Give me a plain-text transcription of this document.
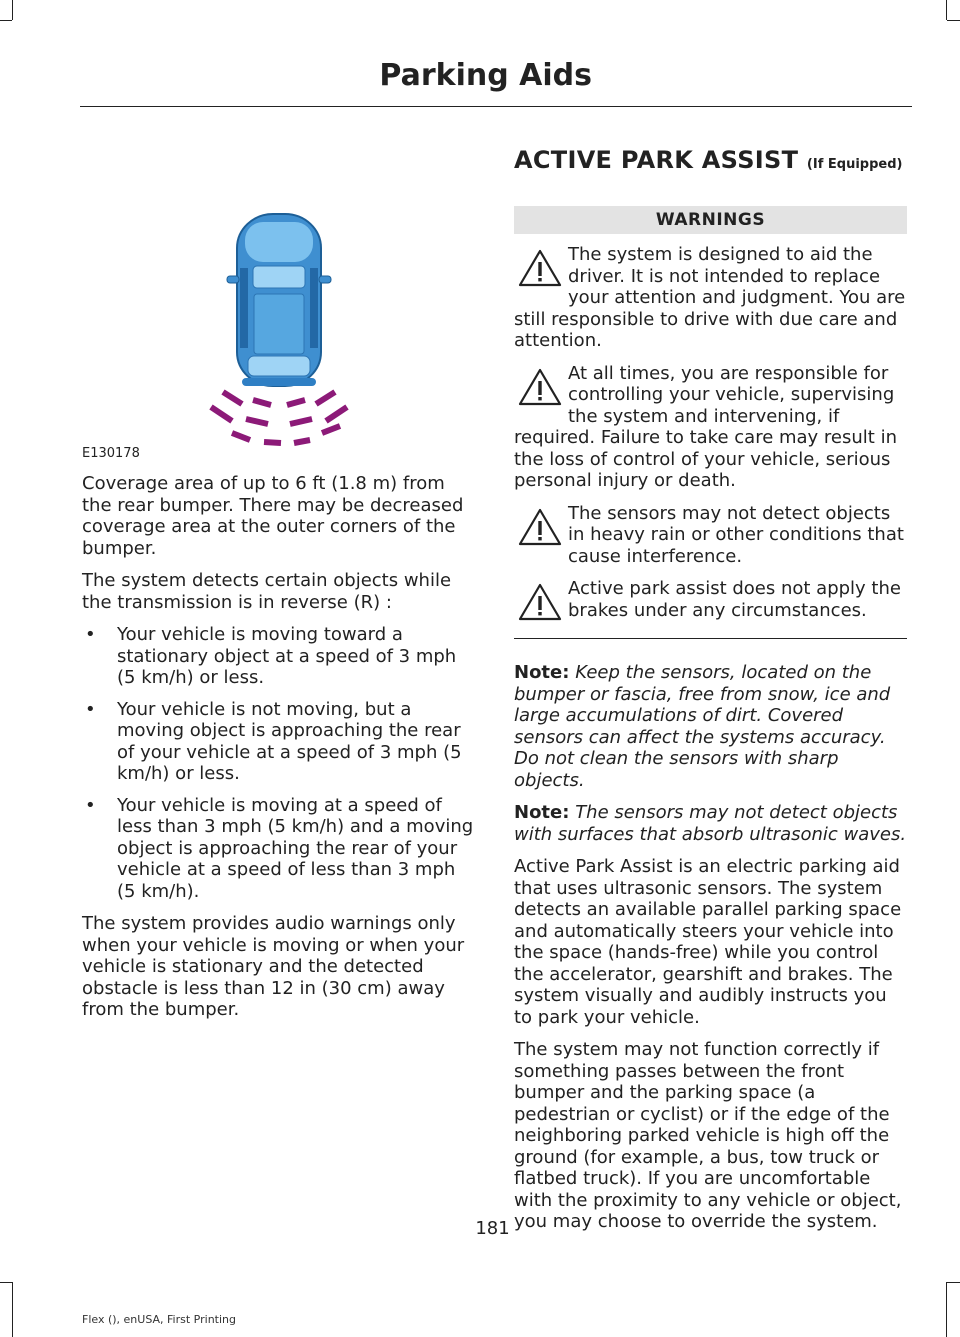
Parking Aids
E130178

Coverage area of up to 6 ft (1.8 m) from the rear bumper. There may be decreased coverage area at the outer corners of the bumper.

The system detects certain objects while the transmission is in reverse (R) :

• Your vehicle is moving toward a stationary object at a speed of 3 mph (5 km/h) or less.
• Your vehicle is not moving, but a moving object is approaching the rear of your vehicle at a speed of 3 mph (5 km/h) or less.
• Your vehicle is moving at a speed of less than 3 mph (5 km/h) and a moving object is approaching the rear of your vehicle at a speed of less than 3 mph (5 km/h).

The system provides audio warnings only when your vehicle is moving or when your vehicle is stationary and the detected obstacle is less than 12 in (30 cm) away from the bumper.

ACTIVE PARK ASSIST (If Equipped)
WARNINGS
The system is designed to aid the driver. It is not intended to replace your attention and judgment. You are still responsible to drive with due care and attention.
At all times, you are responsible for controlling your vehicle, supervising the system and intervening, if required. Failure to take care may result in the loss of control of your vehicle, serious personal injury or death.
The sensors may not detect objects in heavy rain or other conditions that cause interference.
Active park assist does not apply the brakes under any circumstances.

Note: Keep the sensors, located on the bumper or fascia, free from snow, ice and large accumulations of dirt. Covered sensors can affect the systems accuracy. Do not clean the sensors with sharp objects.

Note: The sensors may not detect objects with surfaces that absorb ultrasonic waves.

Active Park Assist is an electric parking aid that uses ultrasonic sensors. The system detects an available parallel parking space and automatically steers your vehicle into the space (hands-free) while you control the accelerator, gearshift and brakes. The system visually and audibly instructs you to park your vehicle.

The system may not function correctly if something passes between the front bumper and the parking space (a pedestrian or cyclist) or if the edge of the neighboring parked vehicle is high off the ground (for example, a bus, tow truck or flatbed truck). If you are uncomfortable with the proximity to any vehicle or object, you may choose to override the system.

181
Flex (), enUSA, First Printing
